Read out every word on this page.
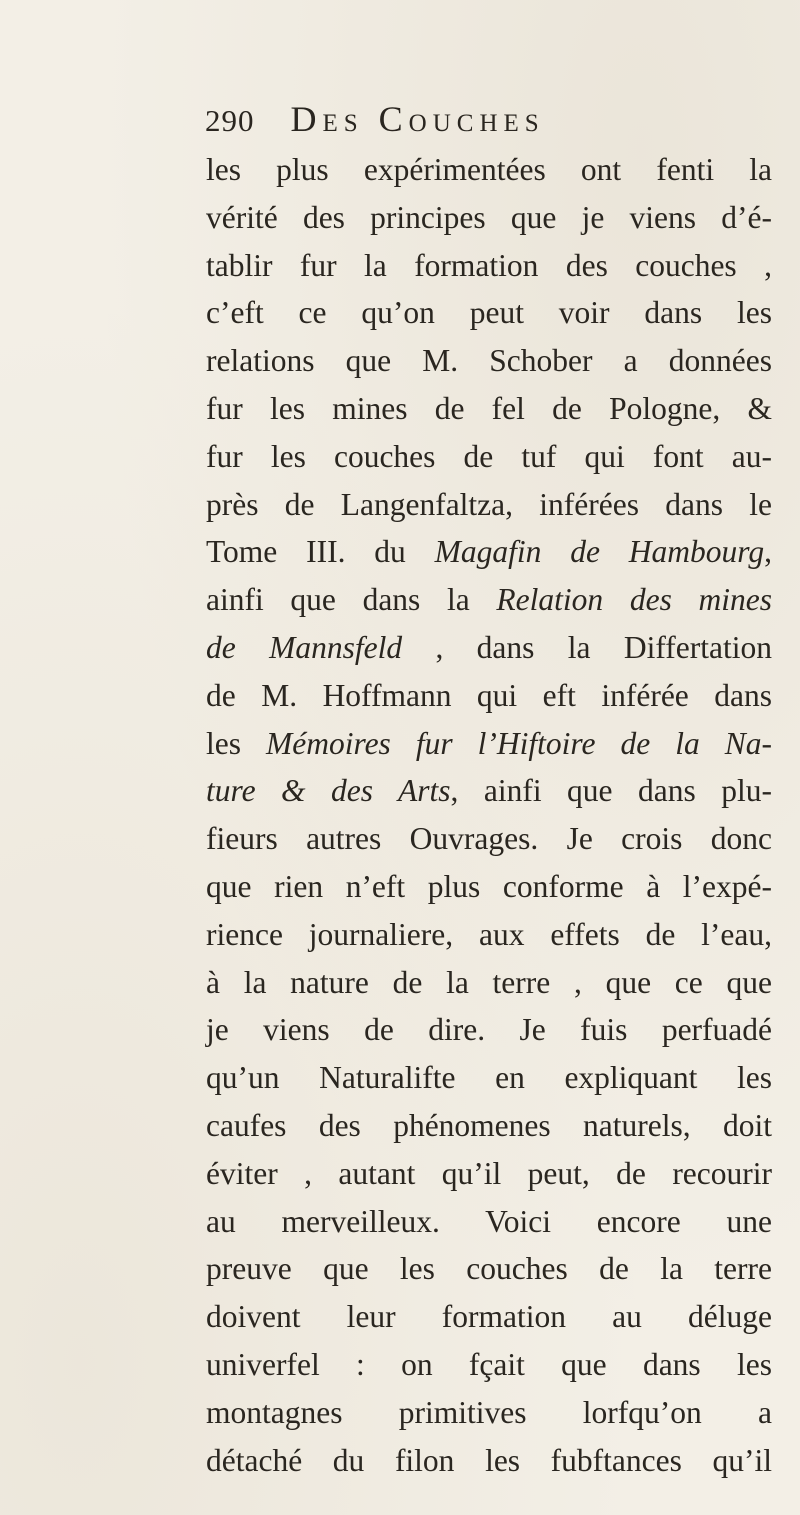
290 Des Couches
les plus expérimentées ont fenti la
vérité des principes que je viens d’é-
tablir fur la formation des couches ,
c’eft ce qu’on peut voir dans les
relations que M. Schober a données
fur les mines de fel de Pologne, &
fur les couches de tuf qui font au-
près de Langenfaltza, inférées dans le
Tome III. du Magafin de Hambourg,
ainfi que dans la Relation des mines
de Mannsfeld , dans la Differtation
de M. Hoffmann qui eft inférée dans
les Mémoires fur l’Hiftoire de la Na-
ture & des Arts, ainfi que dans plu-
fieurs autres Ouvrages. Je crois donc
que rien n’eft plus conforme à l’expé-
rience journaliere, aux effets de l’eau,
à la nature de la terre , que ce que
je viens de dire. Je fuis perfuadé
qu’un Naturalifte en expliquant les
caufes des phénomenes naturels, doit
éviter , autant qu’il peut, de recourir
au merveilleux. Voici encore une
preuve que les couches de la terre
doivent leur formation au déluge
univerfel : on fçait que dans les
montagnes primitives lorfqu’on a
détaché du filon les fubftances qu’il
